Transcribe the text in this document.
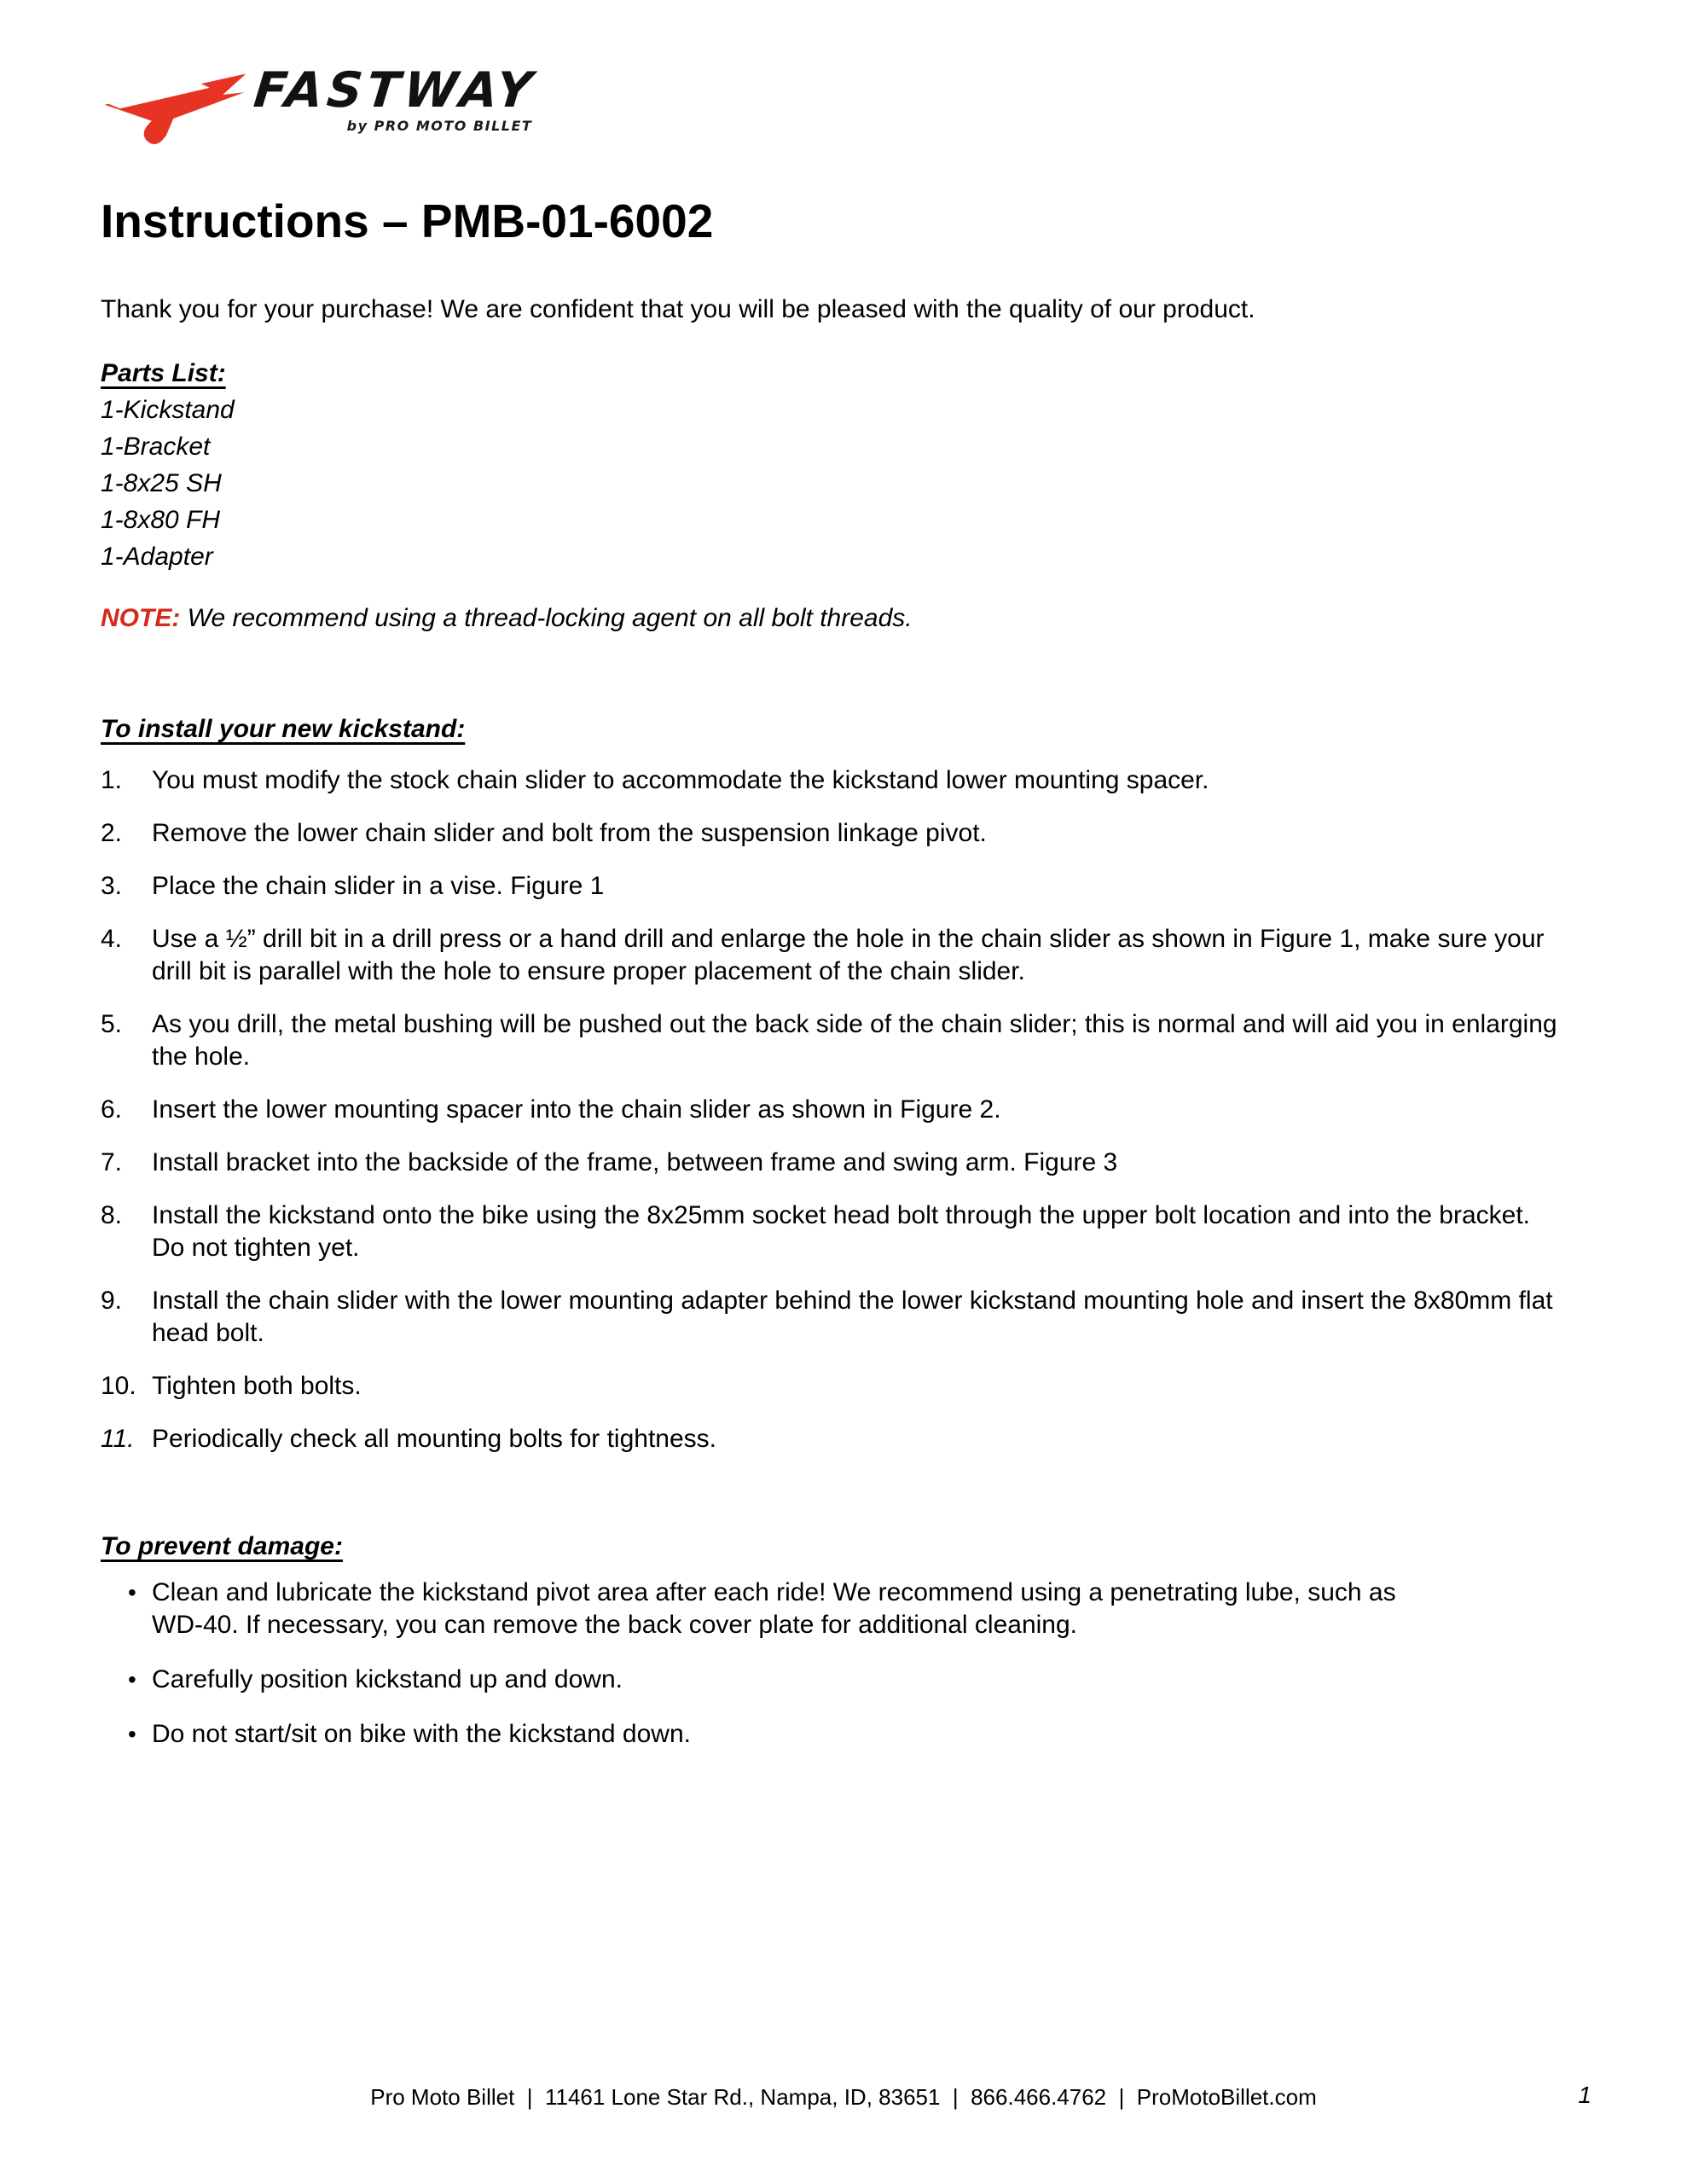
FASTWAY
by PRO MOTO BILLET
Instructions – PMB-01-6002
Thank you for your purchase! We are confident that you will be pleased with the quality of our product.
Parts List:
1-Kickstand
1-Bracket
1-8x25 SH
1-8x80 FH
1-Adapter
NOTE: We recommend using a thread-locking agent on all bolt threads.
To install your new kickstand:
1.	You must modify the stock chain slider to accommodate the kickstand lower mounting spacer.
2.	Remove the lower chain slider and bolt from the suspension linkage pivot.
3.	Place the chain slider in a vise. Figure 1
4.	Use a ½” drill bit in a drill press or a hand drill and enlarge the hole in the chain slider as shown in Figure 1, make sure your drill bit is parallel with the hole to ensure proper placement of the chain slider.
5.	As you drill, the metal bushing will be pushed out the back side of the chain slider; this is normal and will aid you in enlarging the hole.
6.	Insert the lower mounting spacer into the chain slider as shown in Figure 2.
7.	Install bracket into the backside of the frame, between frame and swing arm. Figure 3
8.	Install the kickstand onto the bike using the 8x25mm socket head bolt through the upper bolt location and into the bracket. Do not tighten yet.
9.	Install the chain slider with the lower mounting adapter behind the lower kickstand mounting hole and insert the 8x80mm flat head bolt.
10. Tighten both bolts.
11. Periodically check all mounting bolts for tightness.
To prevent damage:
• Clean and lubricate the kickstand pivot area after each ride! We recommend using a penetrating lube, such as WD-40. If necessary, you can remove the back cover plate for additional cleaning.
• Carefully position kickstand up and down.
• Do not start/sit on bike with the kickstand down.
Pro Moto Billet  |  11461 Lone Star Rd., Nampa, ID, 83651  |  866.466.4762  |  ProMotoBillet.com	1
